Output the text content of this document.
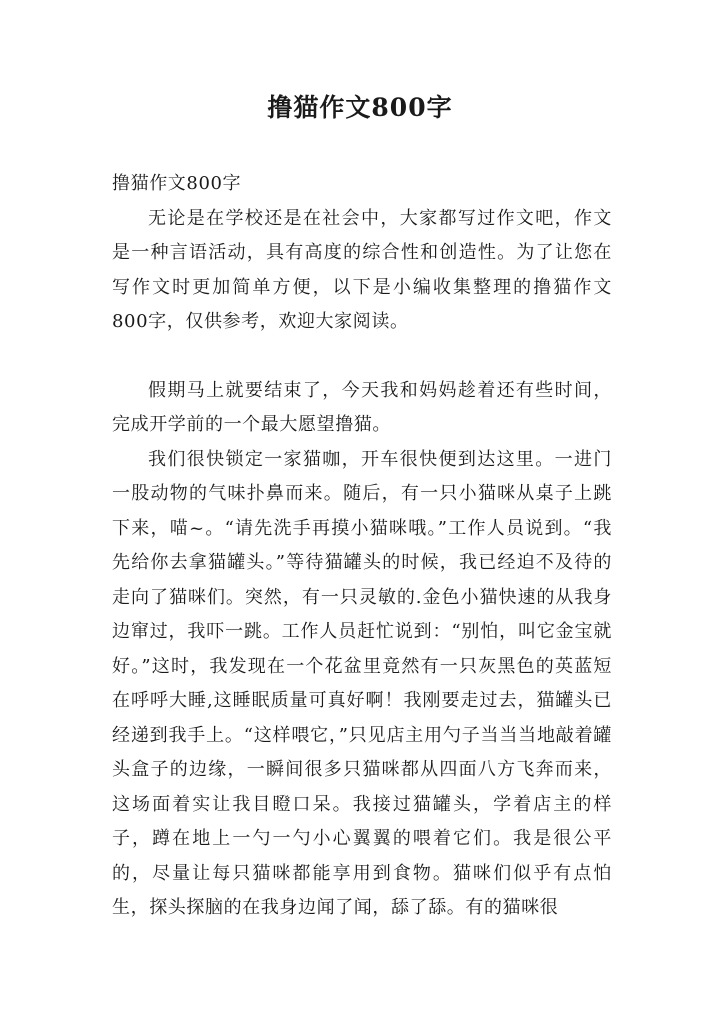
撸猫作文800字

撸猫作文800字

无论是在学校还是在社会中，大家都写过作文吧，作文是一种言语活动，具有高度的综合性和创造性。为了让您在写作文时更加简单方便，以下是小编收集整理的撸猫作文800字，仅供参考，欢迎大家阅读。

假期马上就要结束了，今天我和妈妈趁着还有些时间，完成开学前的一个最大愿望撸猫。

我们很快锁定一家猫咖，开车很快便到达这里。一进门一股动物的气味扑鼻而来。随后，有一只小猫咪从桌子上跳下来，喵~。“请先洗手再摸小猫咪哦。”工作人员说到。“我先给你去拿猫罐头。”等待猫罐头的时候，我已经迫不及待的走向了猫咪们。突然，有一只灵敏的.金色小猫快速的从我身边窜过，我吓一跳。工作人员赶忙说到：“别怕，叫它金宝就好。”这时，我发现在一个花盆里竟然有一只灰黑色的英蓝短在呼呼大睡,这睡眠质量可真好啊！我刚要走过去，猫罐头已经递到我手上。“这样喂它，”只见店主用勺子当当当地敲着罐头盒子的边缘，一瞬间很多只猫咪都从四面八方飞奔而来，这场面着实让我目瞪口呆。我接过猫罐头，学着店主的样子，蹲在地上一勺一勺小心翼翼的喂着它们。我是很公平的，尽量让每只猫咪都能享用到食物。猫咪们似乎有点怕生，探头探脑的在我身边闻了闻，舔了舔。有的猫咪很
